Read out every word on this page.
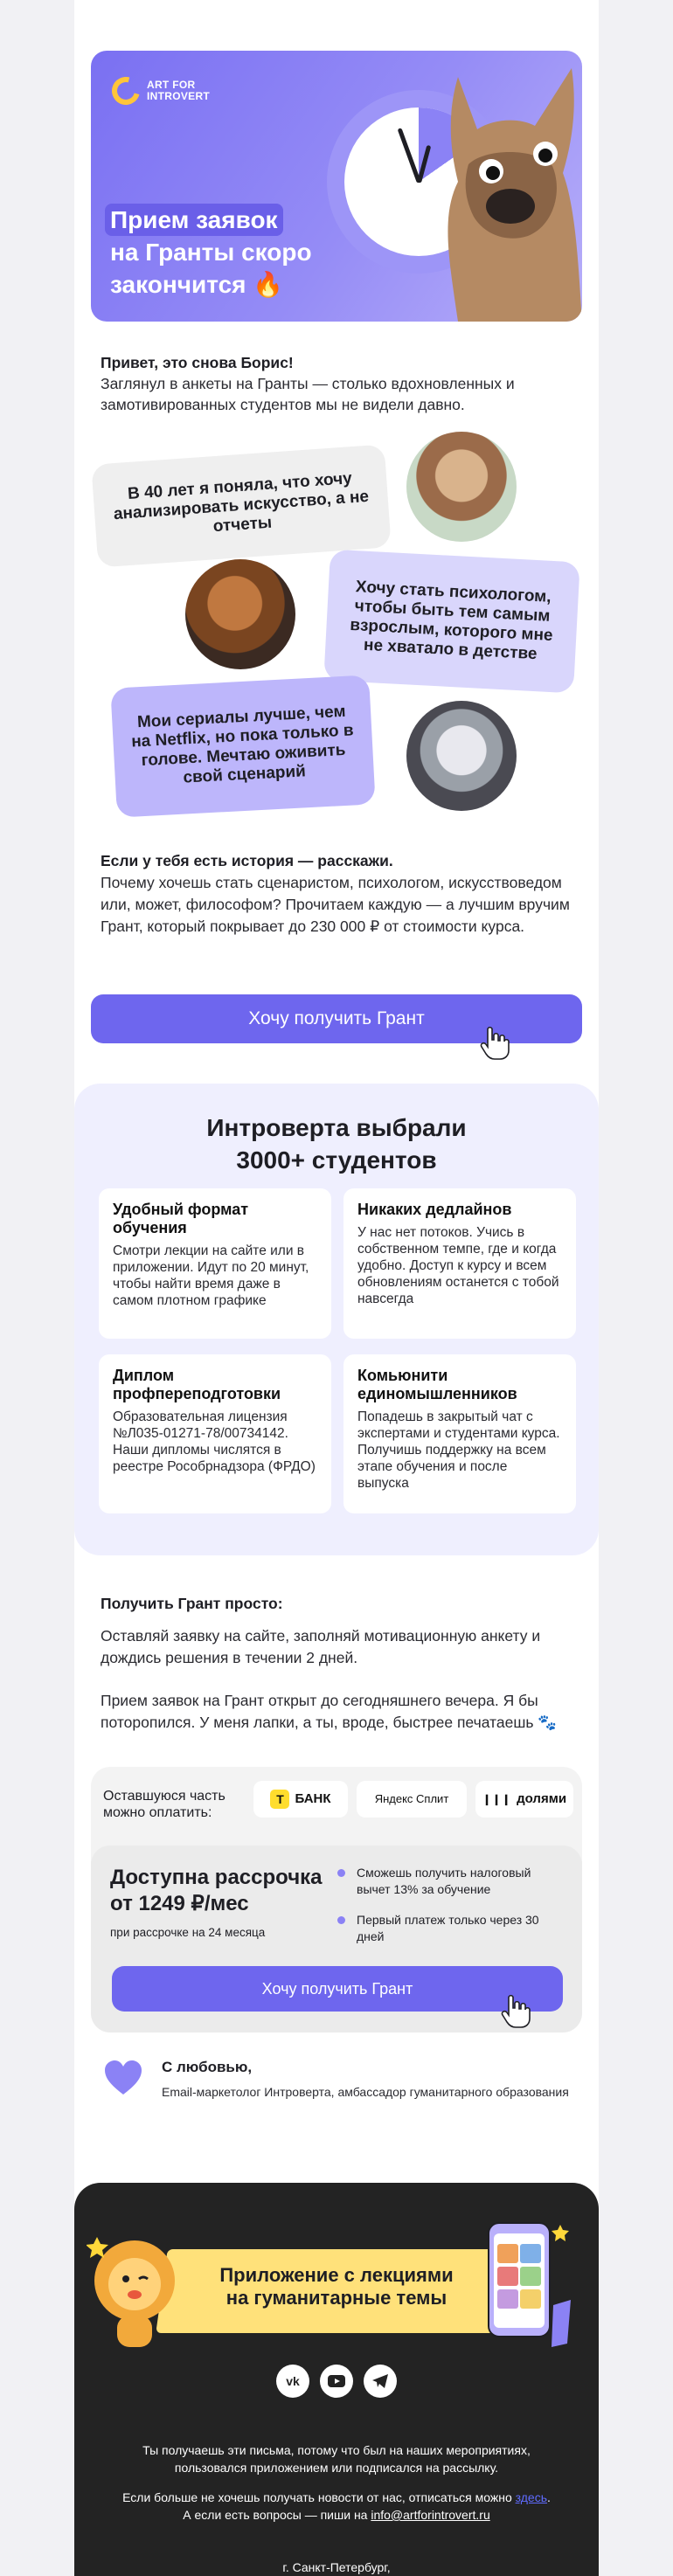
ART FOR
INTROVERT
Прием заявок
на Гранты скоро
закончится 🔥
Привет, это снова Борис!
Заглянул в анкеты на Гранты — столько вдохновленных и замотивированных студентов мы не видели давно.
В 40 лет я поняла, что хочу анализировать искусство, а не отчеты
Хочу стать психологом, чтобы быть тем самым взрослым, которого мне не хватало в детстве
Мои сериалы лучше, чем на Netflix, но пока только в голове. Мечтаю оживить свой сценарий
Если у тебя есть история — расскажи.
Почему хочешь стать сценаристом, психологом, искусствоведом или, может, философом? Прочитаем каждую — а лучшим вручим Грант, который покрывает до 230 000 ₽ от стоимости курса.
Хочу получить Грант
Интроверта выбрали
3000+ студентов
Удобный формат обучения

Смотри лекции на сайте или в приложении. Идут по 20 минут, чтобы найти время даже в самом плотном графике

Никаких дедлайнов

У нас нет потоков. Учись в собственном темпе, где и когда удобно. Доступ к курсу и всем обновлениям останется с тобой навсегда

Диплом профпереподготовки

Образовательная лицензия №Л035-01271-78/00734142. Наши дипломы числятся в реестре Рособрнадзора (ФРДО)

Комьюнити единомышленников

Попадешь в закрытый чат с экспертами и студентами курса. Получишь поддержку на всем этапе обучения и после выпуска

Получить Грант просто:
Оставляй заявку на сайте, заполняй мотивационную анкету и дождись решения в течении 2 дней.
Прием заявок на Грант открыт до сегодняшнего вечера. Я бы поторопился. У меня лапки, а ты, вроде, быстрее печатаешь 🐾
Оставшуюся часть
можно оплатить:
Т БАНК	Яндекс Сплит	❙❙❙ долями
Доступна рассрочка
от 1249 ₽/мес
при рассрочке на 24 месяца
Сможешь получить налоговый вычет 13% за обучение
Первый платеж только через 30 дней
Хочу получить Грант
С любовью,
Email-маркетолог Интроверта, амбассадор гуманитарного образования
Приложение с лекциями
на гуманитарные темы
vk
Ты получаешь эти письма, потому что был на наших мероприятиях,
пользовался приложением или подписался на рассылку.
Если больше не хочешь получать новости от нас, отписаться можно здесь.
А если есть вопросы — пиши на info@artforintrovert.ru
г. Санкт-Петербург,
